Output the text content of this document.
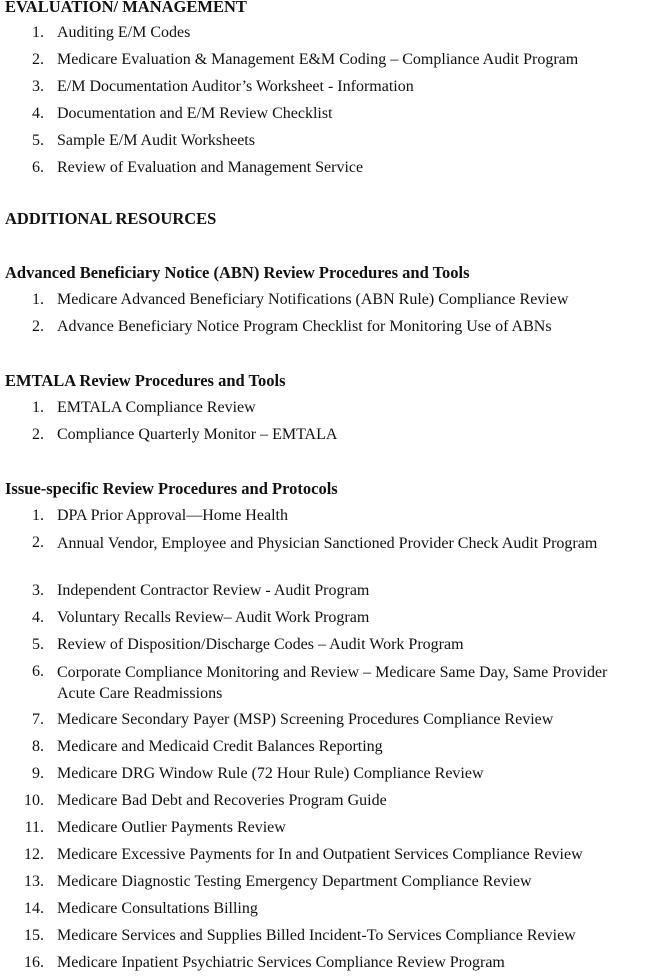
EVALUATION/ MANAGEMENT
1. Auditing E/M Codes
2. Medicare Evaluation & Management E&M Coding – Compliance Audit Program
3. E/M Documentation Auditor’s Worksheet - Information
4. Documentation and E/M Review Checklist
5. Sample E/M Audit Worksheets
6. Review of Evaluation and Management Service
ADDITIONAL RESOURCES
Advanced Beneficiary Notice (ABN) Review Procedures and Tools
1. Medicare Advanced Beneficiary Notifications (ABN Rule) Compliance Review
2. Advance Beneficiary Notice Program Checklist for Monitoring Use of ABNs
EMTALA Review Procedures and Tools
1. EMTALA Compliance Review
2. Compliance Quarterly Monitor – EMTALA
Issue-specific Review Procedures and Protocols
1. DPA Prior Approval—Home Health
2. Annual Vendor, Employee and Physician Sanctioned Provider Check Audit Program
3. Independent Contractor Review - Audit Program
4. Voluntary Recalls Review– Audit Work Program
5. Review of Disposition/Discharge Codes – Audit Work Program
6. Corporate Compliance Monitoring and Review – Medicare Same Day, Same Provider Acute Care Readmissions
7. Medicare Secondary Payer (MSP) Screening Procedures Compliance Review
8. Medicare and Medicaid Credit Balances Reporting
9. Medicare DRG Window Rule (72 Hour Rule) Compliance Review
10. Medicare Bad Debt and Recoveries Program Guide
11. Medicare Outlier Payments Review
12. Medicare Excessive Payments for In and Outpatient Services Compliance Review
13. Medicare Diagnostic Testing Emergency Department Compliance Review
14. Medicare Consultations Billing
15. Medicare Services and Supplies Billed Incident-To Services Compliance Review
16. Medicare Inpatient Psychiatric Services Compliance Review Program
